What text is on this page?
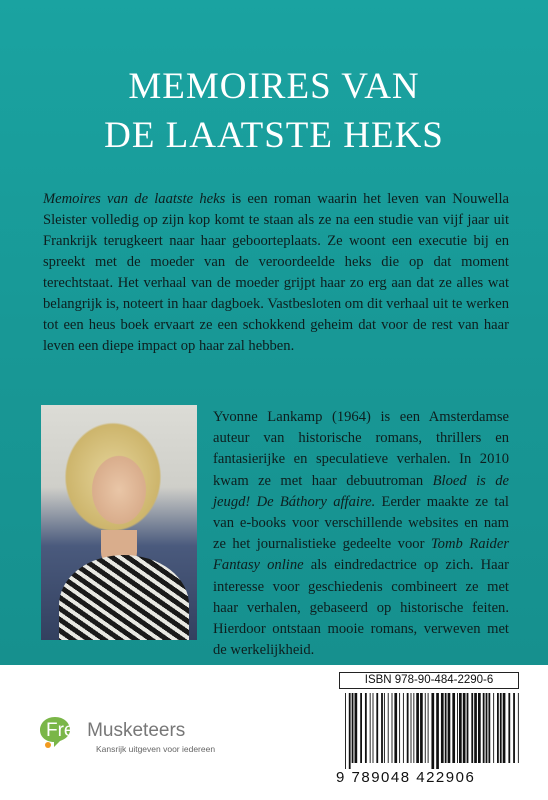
MEMOIRES VAN
DE LAATSTE HEKS
Memoires van de laatste heks is een roman waarin het leven van Nouwella Sleister volledig op zijn kop komt te staan als ze na een studie van vijf jaar uit Frankrijk terugkeert naar haar geboorteplaats. Ze woont een executie bij en spreekt met de moeder van de veroordeelde heks die op dat moment terechtstaat. Het verhaal van de moeder grijpt haar zo erg aan dat ze alles wat belangrijk is, noteert in haar dagboek. Vastbesloten om dit verhaal uit te werken tot een heus boek ervaart ze een schokkend geheim dat voor de rest van haar leven een diepe impact op haar zal hebben.
Yvonne Lankamp (1964) is een Amsterdamse auteur van historische romans, thrillers en fantasierijke en speculatieve verhalen. In 2010 kwam ze met haar debuutroman Bloed is de jeugd! De Báthory affaire. Eerder maakte ze tal van e-books voor verschillende websites en nam ze het journalistieke gedeelte voor Tomb Raider Fantasy online als eindredactrice op zich. Haar interesse voor geschiedenis combineert ze met haar verhalen, gebaseerd op historische feiten. Hierdoor ontstaan mooie romans, verweven met de werkelijkheid.
Free Musketeers
Kansrijk uitgeven voor iedereen
ISBN 978-90-484-2290-6
9 789048 422906
